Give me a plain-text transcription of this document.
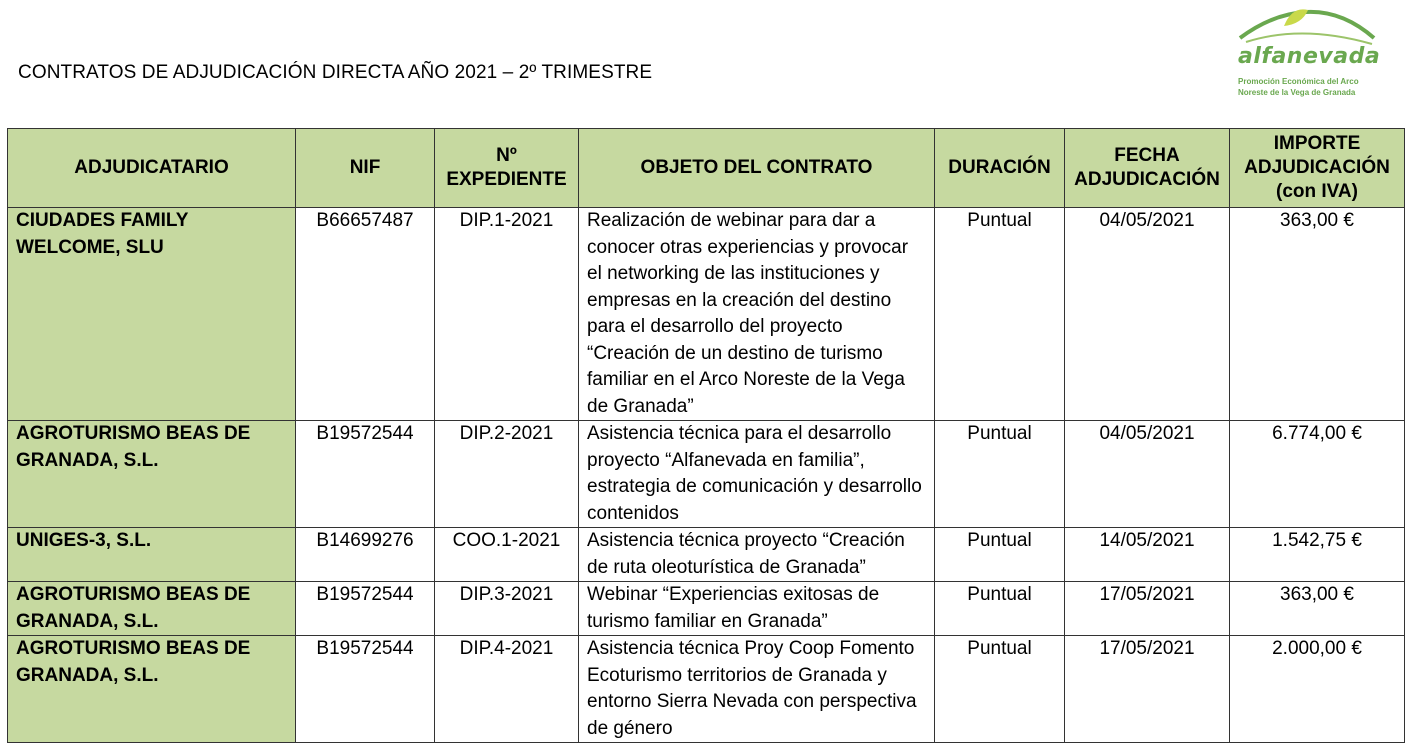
CONTRATOS DE ADJUDICACIÓN DIRECTA AÑO 2021 – 2º TRIMESTRE
alfanevada
Promoción Económica del Arco
Noreste de la Vega de Granada
ADJUDICATARIO	NIF	Nº EXPEDIENTE	OBJETO DEL CONTRATO	DURACIÓN	FECHA ADJUDICACIÓN	IMPORTE ADJUDICACIÓN (con IVA)
CIUDADES FAMILY WELCOME, SLU	B66657487	DIP.1-2021	Realización de webinar para dar a conocer otras experiencias y provocar el networking de las instituciones y empresas en la creación del destino para el desarrollo del proyecto “Creación de un destino de turismo familiar en el Arco Noreste de la Vega de Granada”	Puntual	04/05/2021	363,00 €
AGROTURISMO BEAS DE GRANADA, S.L.	B19572544	DIP.2-2021	Asistencia técnica para el desarrollo proyecto “Alfanevada en familia”, estrategia de comunicación y desarrollo contenidos	Puntual	04/05/2021	6.774,00 €
UNIGES-3, S.L.	B14699276	COO.1-2021	Asistencia técnica proyecto “Creación de ruta oleoturística de Granada”	Puntual	14/05/2021	1.542,75 €
AGROTURISMO BEAS DE GRANADA, S.L.	B19572544	DIP.3-2021	Webinar “Experiencias exitosas de turismo familiar en Granada”	Puntual	17/05/2021	363,00 €
AGROTURISMO BEAS DE GRANADA, S.L.	B19572544	DIP.4-2021	Asistencia técnica Proy Coop Fomento Ecoturismo territorios de Granada y entorno Sierra Nevada con perspectiva de género	Puntual	17/05/2021	2.000,00 €
